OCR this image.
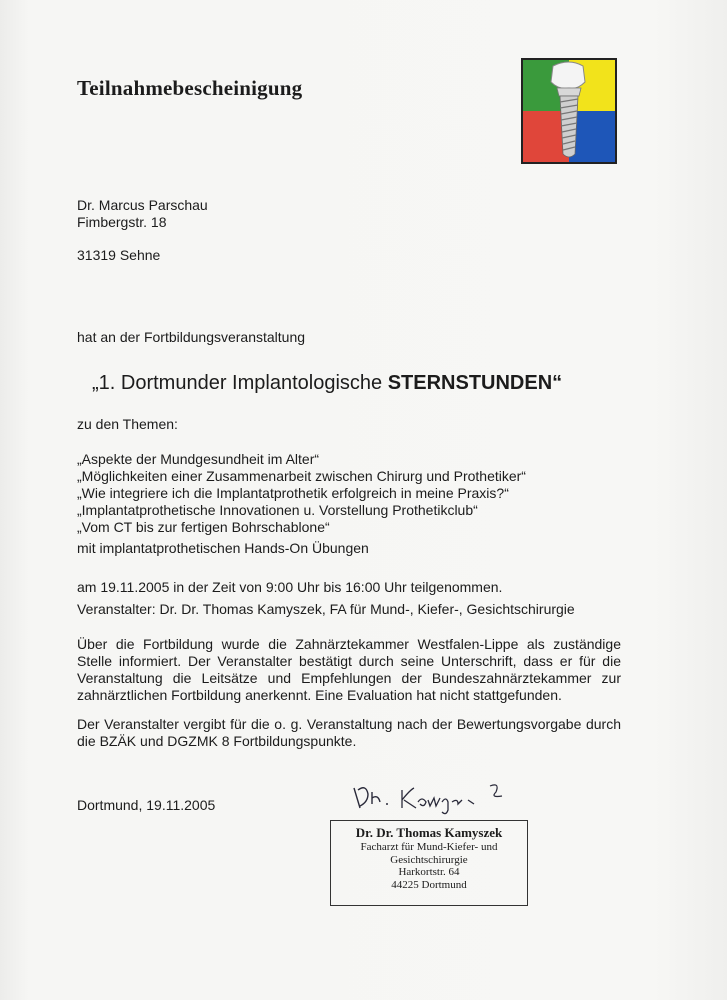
Teilnahmebescheinigung
Dr. Marcus Parschau
Fimbergstr. 18
31319 Sehne
hat an der Fortbildungsveranstaltung
„1. Dortmunder Implantologische STERNSTUNDEN“
zu den Themen:
„Aspekte der Mundgesundheit im Alter“
„Möglichkeiten einer Zusammenarbeit zwischen Chirurg und Prothetiker“
„Wie integriere ich die Implantatprothetik erfolgreich in meine Praxis?“
„Implantatprothetische Innovationen u. Vorstellung Prothetikclub“
„Vom CT bis zur fertigen Bohrschablone“
mit implantatprothetischen Hands-On Übungen
am 19.11.2005 in der Zeit von 9:00 Uhr bis 16:00 Uhr teilgenommen.
Veranstalter: Dr. Dr. Thomas Kamyszek, FA für Mund-, Kiefer-, Gesichtschirurgie

Über die Fortbildung wurde die Zahnärztekammer Westfalen-Lippe als zuständige Stelle informiert. Der Veranstalter bestätigt durch seine Unterschrift, dass er für die Veranstaltung die Leitsätze und Empfehlungen der Bundeszahnärztekammer zur zahnärztlichen Fortbildung anerkennt. Eine Evaluation hat nicht stattgefunden.

Der Veranstalter vergibt für die o. g. Veranstaltung nach der Bewertungsvorgabe durch die BZÄK und DGZMK 8 Fortbildungspunkte.

Dortmund, 19.11.2005
Dr. Dr. Thomas Kamyszek
Facharzt für Mund-Kiefer- und
Gesichtschirurgie
Harkortstr. 64
44225 Dortmund
